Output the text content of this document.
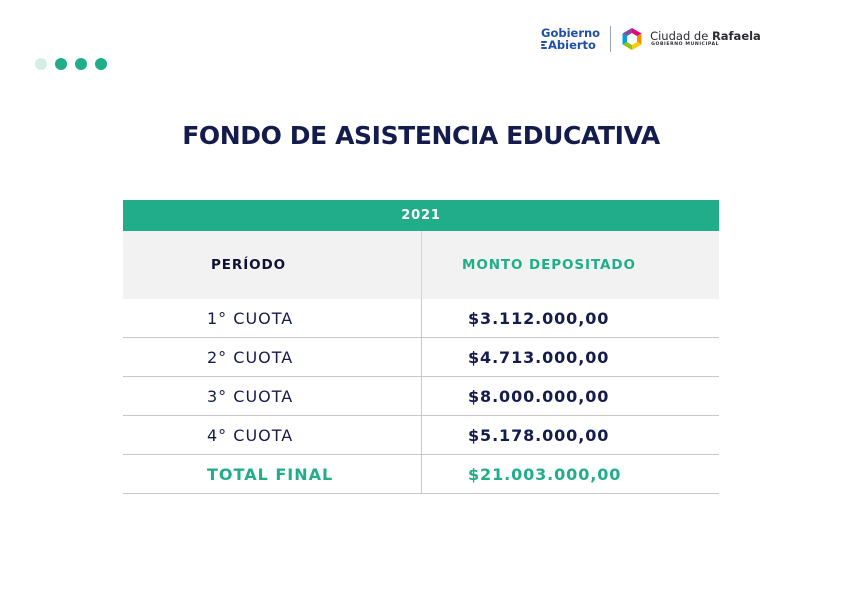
Gobierno
Abierto
Ciudad de Rafaela
GOBIERNO MUNICIPAL
FONDO DE ASISTENCIA EDUCATIVA
2021
PERÍODO	MONTO DEPOSITADO
1° CUOTA	$3.112.000,00
2° CUOTA	$4.713.000,00
3° CUOTA	$8.000.000,00
4° CUOTA	$5.178.000,00
TOTAL FINAL	$21.003.000,00
